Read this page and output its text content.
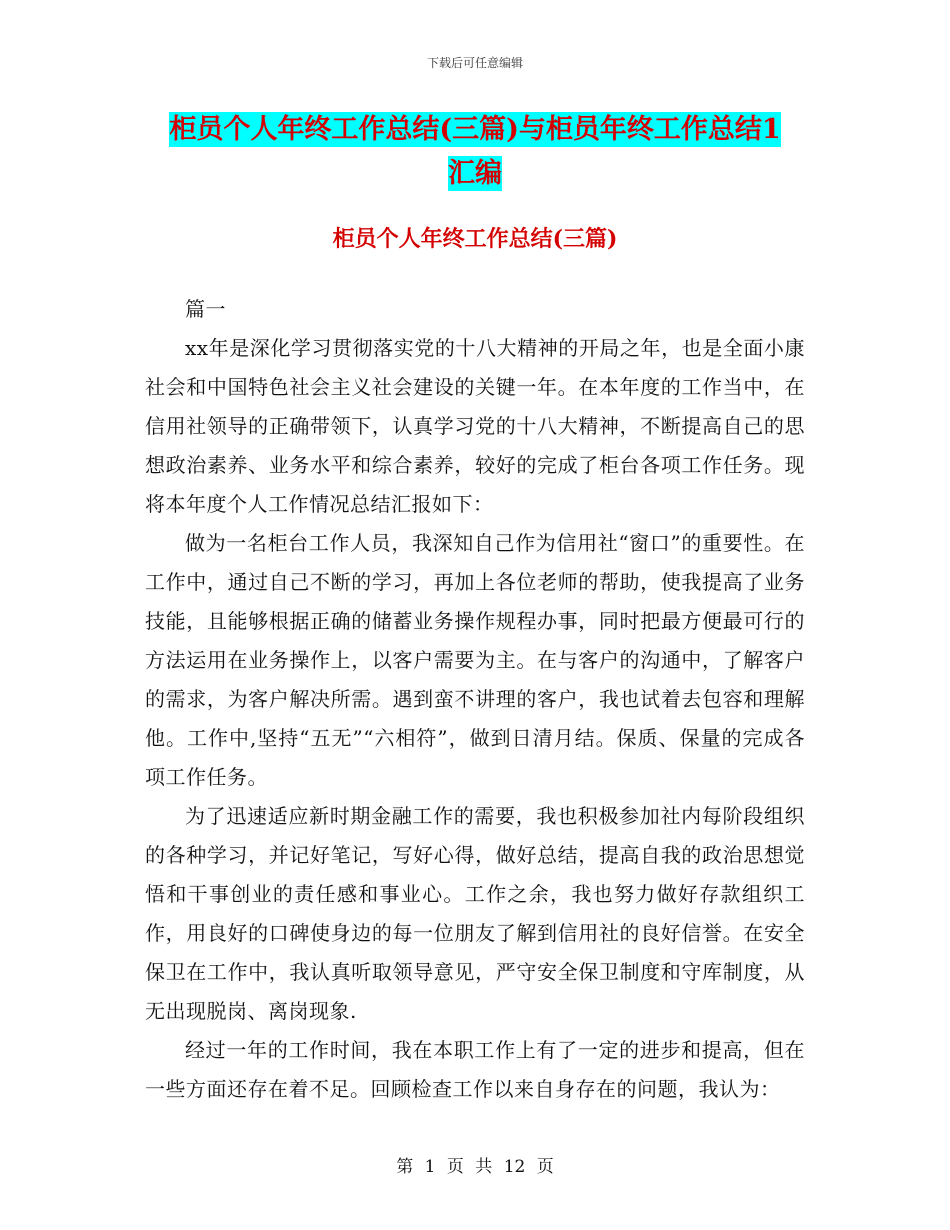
下载后可任意编辑
柜员个人年终工作总结(三篇)与柜员年终工作总结1
汇编
柜员个人年终工作总结(三篇)

篇一

xx年是深化学习贯彻落实党的十八大精神的开局之年，也是全面小康社会和中国特色社会主义社会建设的关键一年。在本年度的工作当中，在信用社领导的正确带领下，认真学习党的十八大精神，不断提高自己的思想政治素养、业务水平和综合素养，较好的完成了柜台各项工作任务。现将本年度个人工作情况总结汇报如下：

做为一名柜台工作人员，我深知自己作为信用社“窗口”的重要性。在工作中，通过自己不断的学习，再加上各位老师的帮助，使我提高了业务技能，且能够根据正确的储蓄业务操作规程办事，同时把最方便最可行的方法运用在业务操作上，以客户需要为主。在与客户的沟通中，了解客户的需求，为客户解决所需。遇到蛮不讲理的客户，我也试着去包容和理解他。工作中,坚持“五无”“六相符”，做到日清月结。保质、保量的完成各项工作任务。

为了迅速适应新时期金融工作的需要，我也积极参加社内每阶段组织的各种学习，并记好笔记，写好心得，做好总结，提高自我的政治思想觉悟和干事创业的责任感和事业心。工作之余，我也努力做好存款组织工作，用良好的口碑使身边的每一位朋友了解到信用社的良好信誉。在安全保卫在工作中，我认真听取领导意见，严守安全保卫制度和守库制度，从无出现脱岗、离岗现象.

经过一年的工作时间，我在本职工作上有了一定的进步和提高，但在一些方面还存在着不足。回顾检查工作以来自身存在的问题，我认为：

第 1 页 共 12 页
